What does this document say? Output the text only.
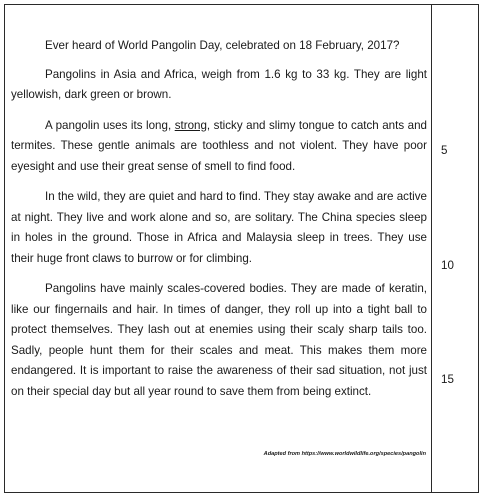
Ever heard of World Pangolin Day, celebrated on 18 February, 2017?

Pangolins in Asia and Africa, weigh from 1.6 kg to 33 kg. They are light yellowish, dark green or brown.

A pangolin uses its long, strong, sticky and slimy tongue to catch ants and termites. These gentle animals are toothless and not violent. They have poor eyesight and use their great sense of smell to find food.

In the wild, they are quiet and hard to find. They stay awake and are active at night. They live and work alone and so, are solitary. The China species sleep in holes in the ground. Those in Africa and Malaysia sleep in trees. They use their huge front claws to burrow or for climbing.

Pangolins have mainly scales-covered bodies. They are made of keratin, like our fingernails and hair. In times of danger, they roll up into a tight ball to protect themselves. They lash out at enemies using their scaly sharp tails too. Sadly, people hunt them for their scales and meat. This makes them more endangered. It is important to raise the awareness of their sad situation, not just on their special day but all year round to save them from being extinct.

5
10
15
Adapted from https://www.worldwildlife.org/species/pangolin
